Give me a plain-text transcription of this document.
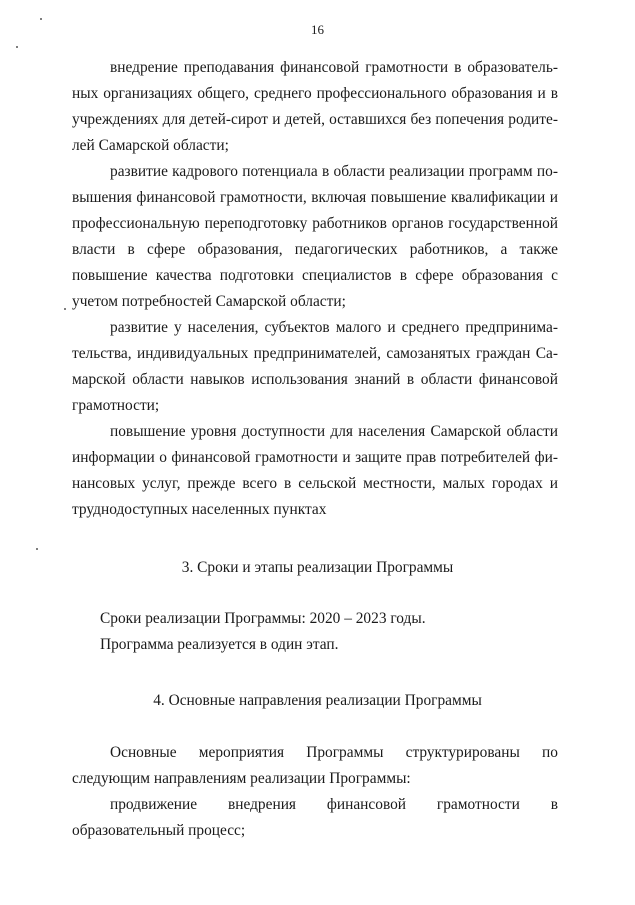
16

внедрение преподавания финансовой грамотности в образовательных организациях общего, среднего профессионального образования и в учреждениях для детей-сирот и детей, оставшихся без попечения родителей Самарской области;

развитие кадрового потенциала в области реализации программ повышения финансовой грамотности, включая повышение квалификации и профессиональную переподготовку работников органов государственной власти в сфере образования, педагогических работников, а также повышение качества подготовки специалистов в сфере образования с учетом потребностей Самарской области;

развитие у населения, субъектов малого и среднего предпринимательства, индивидуальных предпринимателей, самозанятых граждан Самарской области навыков использования знаний в области финансовой грамотности;

повышение уровня доступности для населения Самарской области информации о финансовой грамотности и защите прав потребителей финансовых услуг, прежде всего в сельской местности, малых городах и труднодоступных населенных пунктах

3. Сроки и этапы реализации Программы
Сроки реализации Программы: 2020 – 2023 годы.
Программа реализуется в один этап.
4. Основные направления реализации Программы

Основные мероприятия Программы структурированы по следующим направлениям реализации Программы:

продвижение внедрения финансовой грамотности в образовательный процесс;
